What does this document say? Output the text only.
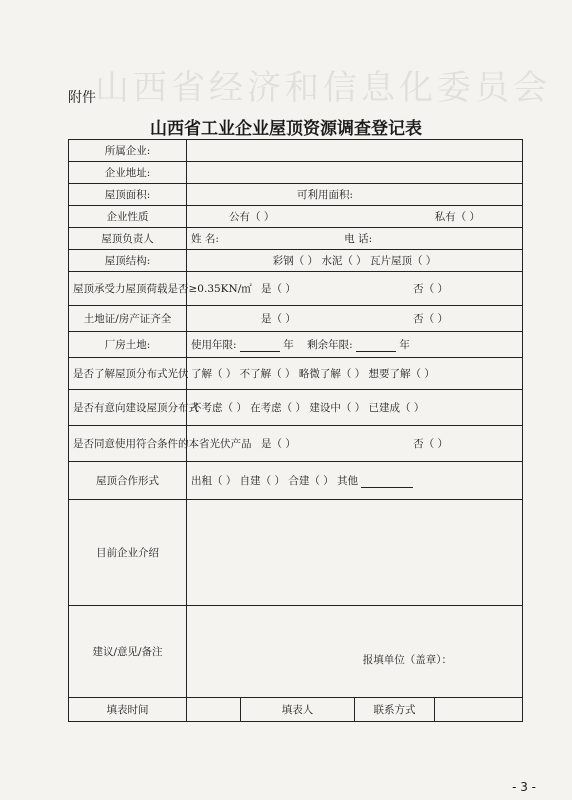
山西省经济和信息化委员会
附件
山西省工业企业屋顶资源调查登记表
所属企业:				
企业地址:				
屋顶面积:	可利用面积:			
企业性质	公有（ ） 私有（ ）			

屋顶负责人	姓 名: 电 话:			
屋顶结构:	彩钢（ ） 水泥（ ） 瓦片屋顶（ ）			
屋顶承受力屋顶荷载是否≥0.35KN/㎡	是（ ） 否（ ）			

土地证/房产证齐全	是（ ） 否（ ）			

厂房土地:	使用年限: 年 剩余年限: 年			
是否了解屋顶分布式光伏	了解（ ） 不了解（ ） 略微了解（ ） 想要了解（ ）			
是否有意向建设屋顶分布式	不考虑（ ） 在考虑（ ） 建设中（ ） 已建成（ ）			
是否同意使用符合条件的本省光伏产品	是（ ） 否（ ）			

屋顶合作形式	出租（ ） 自建（ ） 合建（ ） 其他			
目前企业介绍				
建议/意见/备注	报填单位（盖章）：			

填表时间		填表人	联系方式	
- 3 -
